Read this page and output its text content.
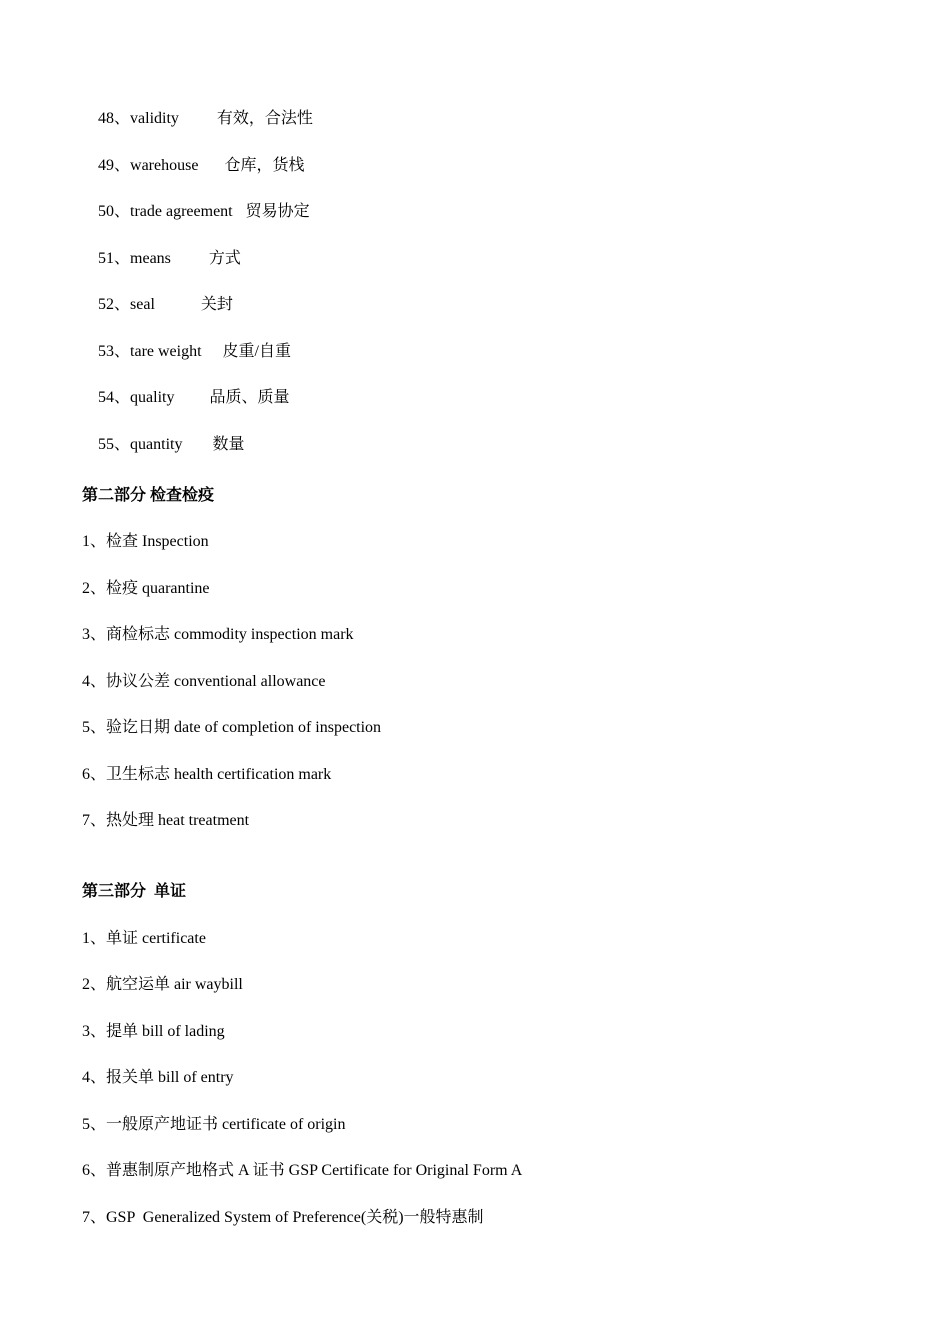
48、validity 有效，合法性

49、warehouse 仓库，货栈

50、trade agreement 贸易协定

51、means 方式

52、seal	关封

53、tare weight 皮重/自重

54、quality 品质、质量

55、quantity 数量

第二部分 检查检疫
1、检查 Inspection
2、检疫 quarantine
3、商检标志 commodity inspection mark
4、协议公差 conventional allowance
5、验讫日期 date of completion of inspection
6、卫生标志 health certification mark
7、热处理 heat treatment
第三部分  单证
1、单证 certificate
2、航空运单 air waybill
3、提单 bill of lading
4、报关单 bill of entry
5、一般原产地证书 certificate of origin
6、普惠制原产地格式 A 证书 GSP Certificate for Original Form A
7、GSP  Generalized System of Preference(关税)一般特惠制
